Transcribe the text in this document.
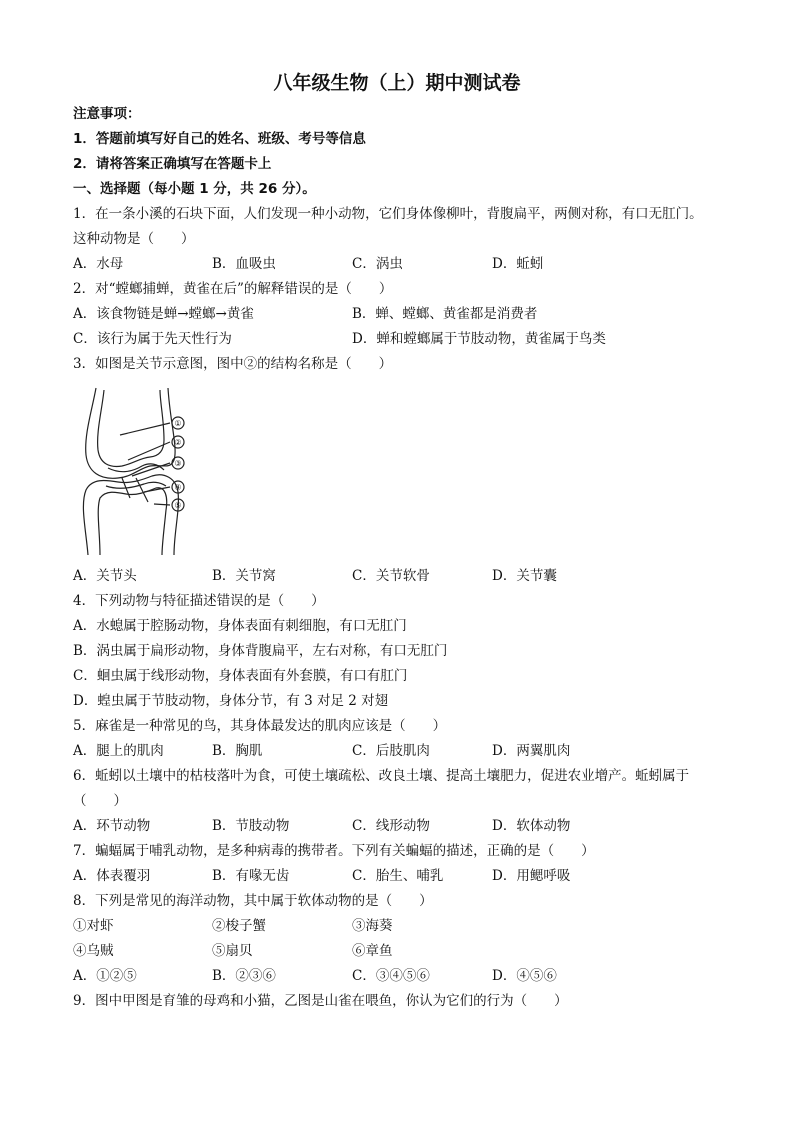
八年级生物（上）期中测试卷
注意事项：
1．答题前填写好自己的姓名、班级、考号等信息
2．请将答案正确填写在答题卡上
一、选择题（每小题 1 分，共 26 分）。
1．在一条小溪的石块下面，人们发现一种小动物，它们身体像柳叶，背腹扁平，两侧对称，有口无肛门。
这种动物是（　　）
A．水母	B．血吸虫	C．涡虫	D．蚯蚓
2．对“螳螂捕蝉，黄雀在后”的解释错误的是（　　）
A．该食物链是蝉→螳螂→黄雀	B．蝉、螳螂、黄雀都是消费者
C．该行为属于先天性行为	D．蝉和螳螂属于节肢动物，黄雀属于鸟类
3．如图是关节示意图，图中②的结构名称是（　　）
①
②
③
④
⑤
A．关节头	B．关节窝	C．关节软骨	D．关节囊
4．下列动物与特征描述错误的是（　　）
A．水螅属于腔肠动物，身体表面有刺细胞，有口无肛门
B．涡虫属于扁形动物，身体背腹扁平，左右对称，有口无肛门
C．蛔虫属于线形动物，身体表面有外套膜，有口有肛门
D．蝗虫属于节肢动物，身体分节，有 3 对足 2 对翅
5．麻雀是一种常见的鸟，其身体最发达的肌肉应该是（　　）
A．腿上的肌肉	B．胸肌	C．后肢肌肉	D．两翼肌肉
6．蚯蚓以土壤中的枯枝落叶为食，可使土壤疏松、改良土壤、提高土壤肥力，促进农业增产。蚯蚓属于
（　　）
A．环节动物	B．节肢动物	C．线形动物	D．软体动物
7．蝙蝠属于哺乳动物，是多种病毒的携带者。下列有关蝙蝠的描述，正确的是（　　）
A．体表覆羽	B．有喙无齿	C．胎生、哺乳	D．用鳃呼吸
8．下列是常见的海洋动物，其中属于软体动物的是（　　）
①对虾	②梭子蟹	③海葵
④乌贼	⑤扇贝	⑥章鱼
A．①②⑤	B．②③⑥	C．③④⑤⑥	D．④⑤⑥
9．图中甲图是育雏的母鸡和小猫，乙图是山雀在喂鱼，你认为它们的行为（　　）
